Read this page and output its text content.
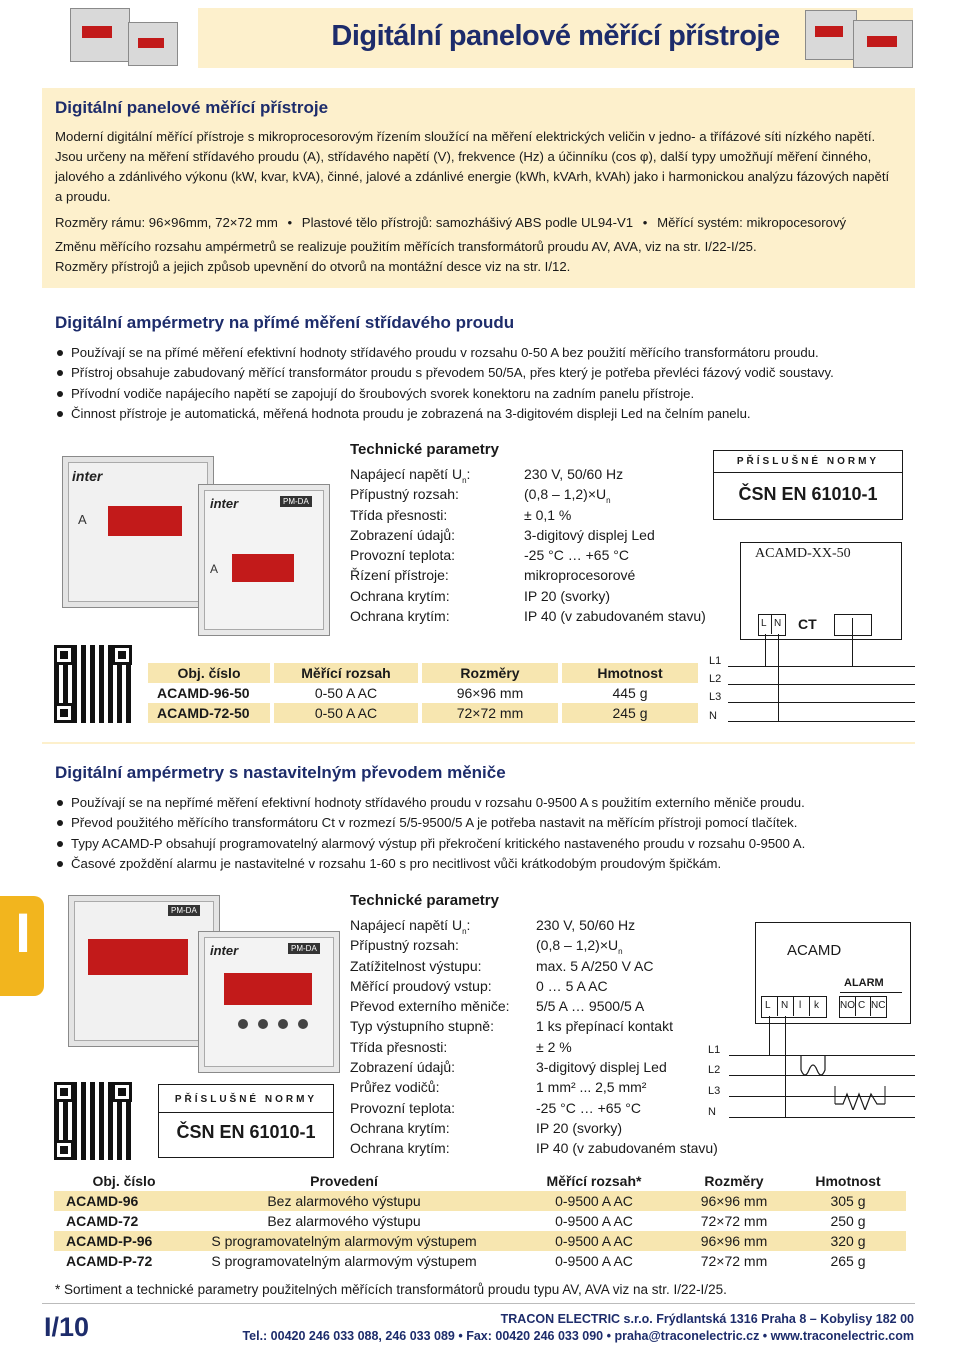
Digitální panelové měřící přístroje
Digitální panelové měřící přístroje
Moderní digitální měřící přístroje s mikroprocesorovým řízením sloužící na měření elektrických veličin v jedno- a třífázové síti nízkého napětí.
Jsou určeny na měření střídavého proudu (A), střídavého napětí (V), frekvence (Hz) a účinníku (cos φ), další typy umožňují měření činného,
jalového a zdánlivého výkonu (kW, kvar, kVA), činné, jalové a zdánlivé energie (kWh, kVArh, kVAh) jako i harmonickou analýzu fázových napětí
a proudu.
Rozměry rámu: 96×96mm, 72×72 mm • Plastové tělo přístrojů: samozhášivý ABS podle UL94-V1 • Měřící systém: mikropocesorový
Změnu měřícího rozsahu ampérmetrů se realizuje použitím měřících transformátorů proudu AV, AVA, viz na str. I/22-I/25.
Rozměry přístrojů a jejich způsob upevnění do otvorů na montážní desce viz na str. I/12.
Digitální ampérmetry na přímé měření střídavého proudu
Používají se na přímé měření efektivní hodnoty střídavého proudu v rozsahu 0-50 A bez použití měřícího transformátoru proudu.
Přístroj obsahuje zabudovaný měřící transformátor proudu s převodem 50/5A, přes který je potřeba převléci fázový vodič soustavy.
Přívodní vodiče napájecího napětí se zapojují do šroubových svorek konektoru na zadním panelu přístroje.
Činnost přístroje je automatická, měřená hodnota proudu je zobrazená na 3-digitovém displeji Led na čelním panelu.
inter
A
inter	PM-DA
A
Technické parametry
Napájecí napětí $U_n$:	230 V, 50/60 Hz
Přípustný rozsah:	$(0,8 - 1,2)\times U_n$
Třída přesnosti:	± 0,1 %
Zobrazení údajů:	3-digitový displej Led
Provozní teplota:	-25 °C … +65 °C
Řízení přístroje:	mikroprocesorové
Ochrana krytím:	IP 20 (svorky)
Ochrana krytím:	IP 40 (v zabudovaném stavu)
PŘÍSLUŠNÉ NORMY
ČSN EN 61010-1
ACAMD-XX-50
L N CT
L1
L2
L3
N
Obj. číslo	Měřící rozsah	Rozměry	Hmotnost
ACAMD-96-50	0-50 A AC	96×96 mm	445 g
ACAMD-72-50	0-50 A AC	72×72 mm	245 g
Digitální ampérmetry s nastavitelným převodem měniče
Používají se na nepřímé měření efektivní hodnoty střídavého proudu v rozsahu 0-9500 A s použitím externího měniče proudu.
Převod použitého měřícího transformátoru Ct v rozmezí 5/5-9500/5 A je potřeba nastavit na měřícím přístroji pomocí tlačítek.
Typy ACAMD-P obsahují programovatelný alarmový výstup při překročení kritického nastaveného proudu v rozsahu 0-9500 A.
Časové zpoždění alarmu je nastavitelné v rozsahu 1-60 s pro necitlivost vůči krátkodobým proudovým špičkám.
I	PM-DA
inter	PM-DA
PŘÍSLUŠNÉ NORMY
ČSN EN 61010-1
Technické parametry
Napájecí napětí $U_n$:	230 V, 50/60 Hz
Přípustný rozsah:	$(0,8 - 1,2)\times U_n$
Zatížitelnost výstupu:	max. 5 A/250 V AC
Měřící proudový vstup:	0 … 5 A AC
Převod externího měniče: 5/5 A … 9500/5 A
Typ výstupního stupně:	1 ks přepínací kontakt
Třída přesnosti:	± 2 %
Zobrazení údajů:	3-digitový displej Led
Průřez vodičů:	1 mm² ... 2,5 mm²
Provozní teplota:	-25 °C … +65 °C
Ochrana krytím:	IP 20 (svorky)
Ochrana krytím:	IP 40 (v zabudovaném stavu)
ACAMD
ALARM
L N l k NO C NC
L1
L2
L3
N
Obj. číslo	Provedení	Měřící rozsah*	Rozměry	Hmotnost
ACAMD-96	Bez alarmového výstupu	0-9500 A AC	96×96 mm	305 g
ACAMD-72	Bez alarmového výstupu	0-9500 A AC	72×72 mm	250 g
ACAMD-P-96	S programovatelným alarmovým výstupem	0-9500 A AC	96×96 mm	320 g
ACAMD-P-72	S programovatelným alarmovým výstupem	0-9500 A AC	72×72 mm	265 g
* Sortiment a technické parametry použitelných měřících transformátorů proudu typu AV, AVA viz na str. I/22-I/25.
I/10	TRACON ELECTRIC s.r.o. Frýdlantská 1316 Praha 8 – Kobylisy 182 00
Tel.: 00420 246 033 088, 246 033 089 • Fax: 00420 246 033 090 • praha@traconelectric.cz • www.traconelectric.com
